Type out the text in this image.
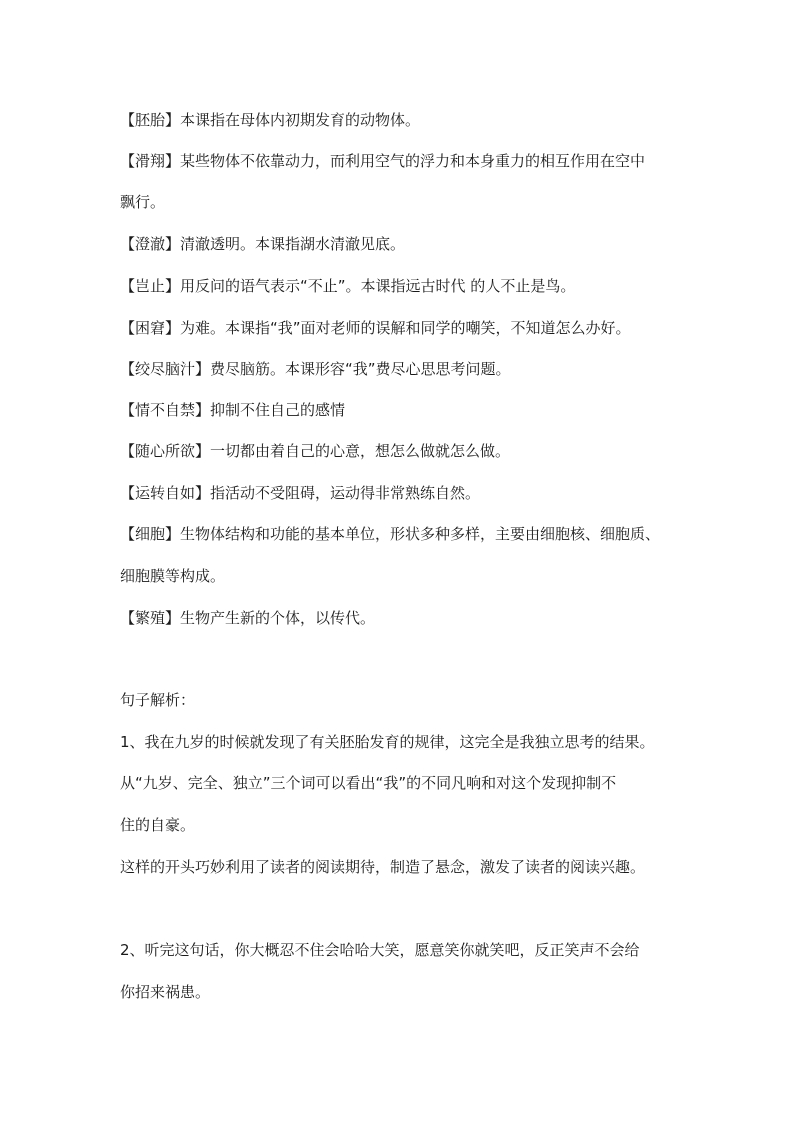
【胚胎】本课指在母体内初期发育的动物体。
【滑翔】某些物体不依靠动力，而利用空气的浮力和本身重力的相互作用在空中
飘行。
【澄澈】清澈透明。本课指湖水清澈见底。
【岂止】用反问的语气表示“不止”。本课指远古时代 的人不止是鸟。
【困窘】为难。本课指“我”面对老师的误解和同学的嘲笑，不知道怎么办好。
【绞尽脑汁】费尽脑筋。本课形容“我”费尽心思思考问题。
【情不自禁】抑制不住自己的感情
【随心所欲】一切都由着自己的心意，想怎么做就怎么做。
【运转自如】指活动不受阻碍，运动得非常熟练自然。
【细胞】生物体结构和功能的基本单位，形状多种多样，主要由细胞核、细胞质、
细胞膜等构成。
【繁殖】生物产生新的个体，以传代。
句子解析：
1、我在九岁的时候就发现了有关胚胎发育的规律，这完全是我独立思考的结果。
从“九岁、完全、独立”三个词可以看出“我”的不同凡响和对这个发现抑制不
住的自豪。
这样的开头巧妙利用了读者的阅读期待，制造了悬念，激发了读者的阅读兴趣。
2、听完这句话，你大概忍不住会哈哈大笑，愿意笑你就笑吧，反正笑声不会给
你招来祸患。
